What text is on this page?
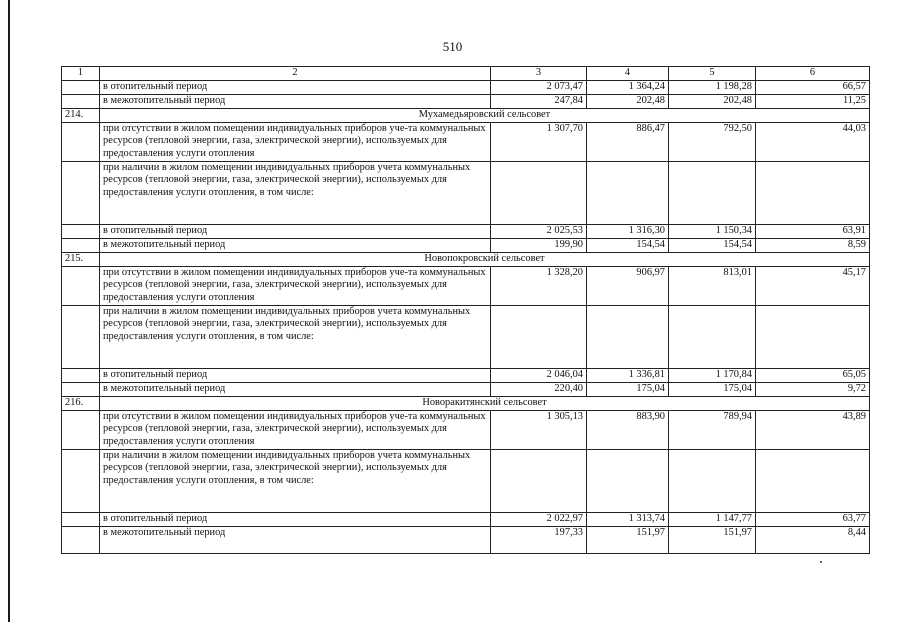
510
1	2	3	4	5	6
	в отопительный период	2 073,47	1 364,24	1 198,28	66,57
	в межотопительный период	247,84	202,48	202,48	11,25
214.	Мухамедьяровский сельсовет				
	при отсутствии в жилом помещении индивидуальных приборов уче-та коммунальных ресурсов (тепловой энергии, газа, электрической энергии), используемых для предоставления услуги отопления	1 307,70	886,47	792,50	44,03
	при наличии в жилом помещении индивидуальных приборов учета коммунальных ресурсов (тепловой энергии, газа, электрической энергии), используемых для предоставления услуги отопления, в том числе:				
	в отопительный период	2 025,53	1 316,30	1 150,34	63,91
	в межотопительный период	199,90	154,54	154,54	8,59
215.	Новопокровский сельсовет				
	при отсутствии в жилом помещении индивидуальных приборов уче-та коммунальных ресурсов (тепловой энергии, газа, электрической энергии), используемых для предоставления услуги отопления	1 328,20	906,97	813,01	45,17
	при наличии в жилом помещении индивидуальных приборов учета коммунальных ресурсов (тепловой энергии, газа, электрической энергии), используемых для предоставления услуги отопления, в том числе:				
	в отопительный период	2 046,04	1 336,81	1 170,84	65,05
	в межотопительный период	220,40	175,04	175,04	9,72
216.	Новоракитянский сельсовет				
	при отсутствии в жилом помещении индивидуальных приборов уче-та коммунальных ресурсов (тепловой энергии, газа, электрической энергии), используемых для предоставления услуги отопления	1 305,13	883,90	789,94	43,89
	при наличии в жилом помещении индивидуальных приборов учета коммунальных ресурсов (тепловой энергии, газа, электрической энергии), используемых для предоставления услуги отопления, в том числе:				
	в отопительный период	2 022,97	1 313,74	1 147,77	63,77
	в межотопительный период	197,33	151,97	151,97	8,44
